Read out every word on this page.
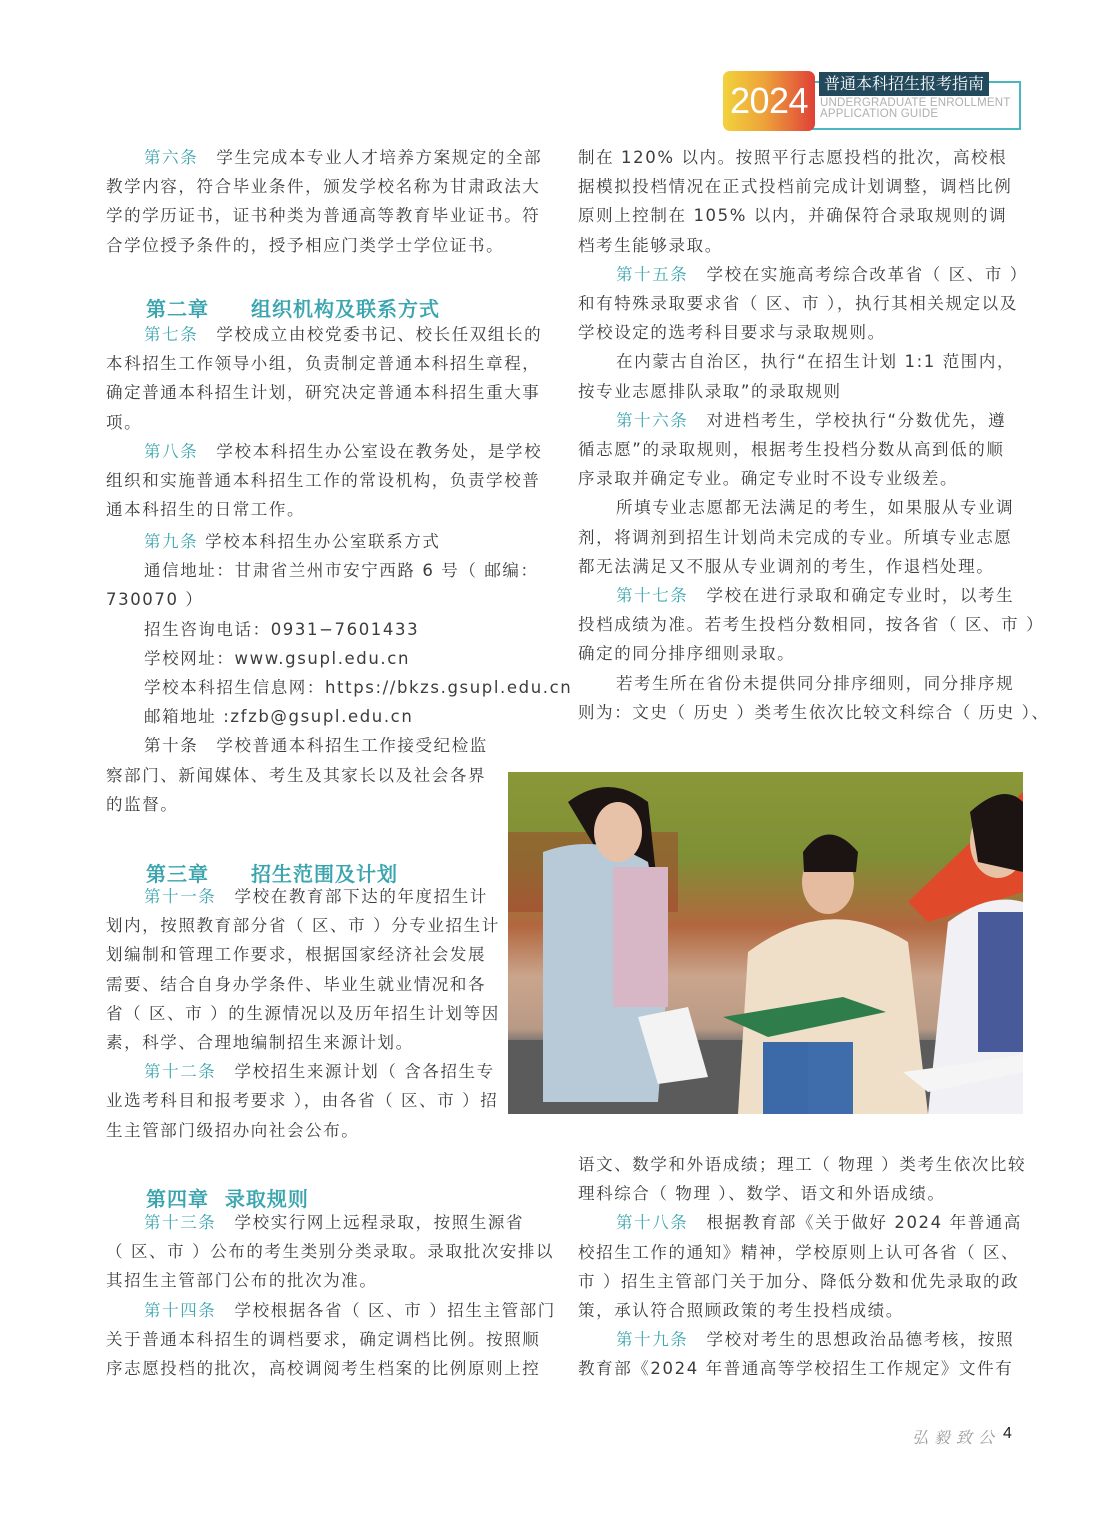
2024 普通本科招生报考指南
UNDERGRADUATE ENROLLMENT
APPLICATION GUIDE
第六条　 学生完成本专业人才培养方案规定的全部
教学内容，符合毕业条件，颁发学校名称为甘肃政法大
学的学历证书，证书种类为普通高等教育毕业证书。符
合学位授予条件的，授予相应门类学士学位证书。
第二章　　组织机构及联系方式
第七条　 学校成立由校党委书记、校长任双组长的
本科招生工作领导小组，负责制定普通本科招生章程，
确定普通本科招生计划，研究决定普通本科招生重大事
项。
第八条　 学校本科招生办公室设在教务处，是学校
组织和实施普通本科招生工作的常设机构，负责学校普
通本科招生的日常工作。
第九条 学校本科招生办公室联系方式
通信地址：甘肃省兰州市安宁西路 6 号（ 邮编：
730070 ）
招生咨询电话：0931−7601433
学校网址：www.gsupl.edu.cn
学校本科招生信息网：https://bkzs.gsupl.edu.cn
邮箱地址 :zfzb@gsupl.edu.cn
第十条　学校普通本科招生工作接受纪检监
察部门、新闻媒体、考生及其家长以及社会各界
的监督。
第三章　　招生范围及计划
第十一条　 学校在教育部下达的年度招生计
划内，按照教育部分省（ 区、市 ）分专业招生计
划编制和管理工作要求，根据国家经济社会发展
需要、结合自身办学条件、毕业生就业情况和各
省（ 区、市 ）的生源情况以及历年招生计划等因
素，科学、合理地编制招生来源计划。
第十二条　 学校招生来源计划（ 含各招生专
业选考科目和报考要求 ），由各省（ 区、市 ）招
生主管部门级招办向社会公布。
第四章  录取规则
第十三条　 学校实行网上远程录取，按照生源省
（ 区、市 ）公布的考生类别分类录取。录取批次安排以
其招生主管部门公布的批次为准。
第十四条　 学校根据各省（ 区、市 ）招生主管部门
关于普通本科招生的调档要求，确定调档比例。按照顺
序志愿投档的批次，高校调阅考生档案的比例原则上控
制在 120% 以内。按照平行志愿投档的批次，高校根
据模拟投档情况在正式投档前完成计划调整，调档比例
原则上控制在 105% 以内，并确保符合录取规则的调
档考生能够录取。
第十五条　 学校在实施高考综合改革省（ 区、市 ）
和有特殊录取要求省（ 区、市 ），执行其相关规定以及
学校设定的选考科目要求与录取规则。
在内蒙古自治区，执行“在招生计划 1:1 范围内，
按专业志愿排队录取”的录取规则
第十六条　 对进档考生，学校执行“分数优先，遵
循志愿”的录取规则，根据考生投档分数从高到低的顺
序录取并确定专业。确定专业时不设专业级差。
所填专业志愿都无法满足的考生，如果服从专业调
剂，将调剂到招生计划尚未完成的专业。所填专业志愿
都无法满足又不服从专业调剂的考生，作退档处理。
第十七条　 学校在进行录取和确定专业时，以考生
投档成绩为准。若考生投档分数相同，按各省（ 区、市 ）
确定的同分排序细则录取。
若考生所在省份未提供同分排序细则，同分排序规
则为：文史（ 历史 ）类考生依次比较文科综合（ 历史 ）、
语文、数学和外语成绩；理工（ 物理 ）类考生依次比较
理科综合（ 物理 ）、数学、语文和外语成绩。
第十八条　 根据教育部《关于做好 2024 年普通高
校招生工作的通知》精神，学校原则上认可各省（ 区、
市 ）招生主管部门关于加分、降低分数和优先录取的政
策，承认符合照顾政策的考生投档成绩。
第十九条　 学校对考生的思想政治品德考核，按照
教育部《2024 年普通高等学校招生工作规定》文件有
弘毅致公 4
